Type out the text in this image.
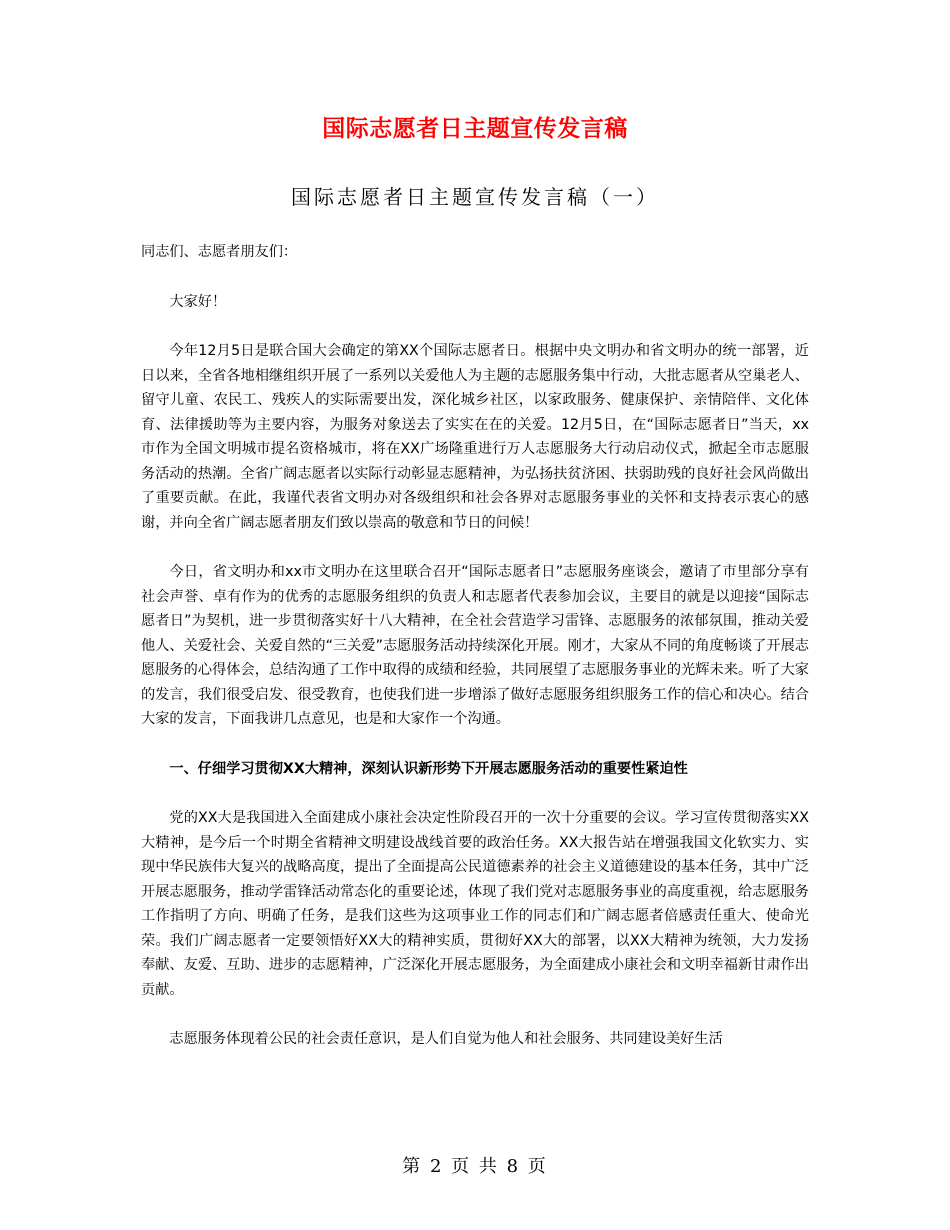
国际志愿者日主题宣传发言稿
国际志愿者日主题宣传发言稿（一）

同志们、志愿者朋友们：

大家好！

今年12月5日是联合国大会确定的第XX个国际志愿者日。根据中央文明办和省文明办的统一部署，近日以来，全省各地相继组织开展了一系列以关爱他人为主题的志愿服务集中行动，大批志愿者从空巢老人、留守儿童、农民工、残疾人的实际需要出发，深化城乡社区，以家政服务、健康保护、亲情陪伴、文化体育、法律援助等为主要内容，为服务对象送去了实实在在的关爱。12月5日，在“国际志愿者日”当天，xx市作为全国文明城市提名资格城市，将在XX广场隆重进行万人志愿服务大行动启动仪式，掀起全市志愿服务活动的热潮。全省广阔志愿者以实际行动彰显志愿精神，为弘扬扶贫济困、扶弱助残的良好社会风尚做出了重要贡献。在此，我谨代表省文明办对各级组织和社会各界对志愿服务事业的关怀和支持表示衷心的感谢，并向全省广阔志愿者朋友们致以崇高的敬意和节日的问候！

今日，省文明办和xx市文明办在这里联合召开“国际志愿者日”志愿服务座谈会，邀请了市里部分享有社会声誉、卓有作为的优秀的志愿服务组织的负责人和志愿者代表参加会议，主要目的就是以迎接“国际志愿者日”为契机，进一步贯彻落实好十八大精神，在全社会营造学习雷锋、志愿服务的浓郁氛围，推动关爱他人、关爱社会、关爱自然的“三关爱”志愿服务活动持续深化开展。刚才，大家从不同的角度畅谈了开展志愿服务的心得体会，总结沟通了工作中取得的成绩和经验，共同展望了志愿服务事业的光辉未来。听了大家的发言，我们很受启发、很受教育，也使我们进一步增添了做好志愿服务组织服务工作的信心和决心。结合大家的发言，下面我讲几点意见，也是和大家作一个沟通。

一、仔细学习贯彻XX大精神，深刻认识新形势下开展志愿服务活动的重要性紧迫性

党的XX大是我国进入全面建成小康社会决定性阶段召开的一次十分重要的会议。学习宣传贯彻落实XX大精神，是今后一个时期全省精神文明建设战线首要的政治任务。XX大报告站在增强我国文化软实力、实现中华民族伟大复兴的战略高度，提出了全面提高公民道德素养的社会主义道德建设的基本任务，其中广泛开展志愿服务，推动学雷锋活动常态化的重要论述，体现了我们党对志愿服务事业的高度重视，给志愿服务工作指明了方向、明确了任务，是我们这些为这项事业工作的同志们和广阔志愿者倍感责任重大、使命光荣。我们广阔志愿者一定要领悟好XX大的精神实质，贯彻好XX大的部署，以XX大精神为统领，大力发扬奉献、友爱、互助、进步的志愿精神，广泛深化开展志愿服务，为全面建成小康社会和文明幸福新甘肃作出贡献。

志愿服务体现着公民的社会责任意识，是人们自觉为他人和社会服务、共同建设美好生活

第 2 页 共 8 页
